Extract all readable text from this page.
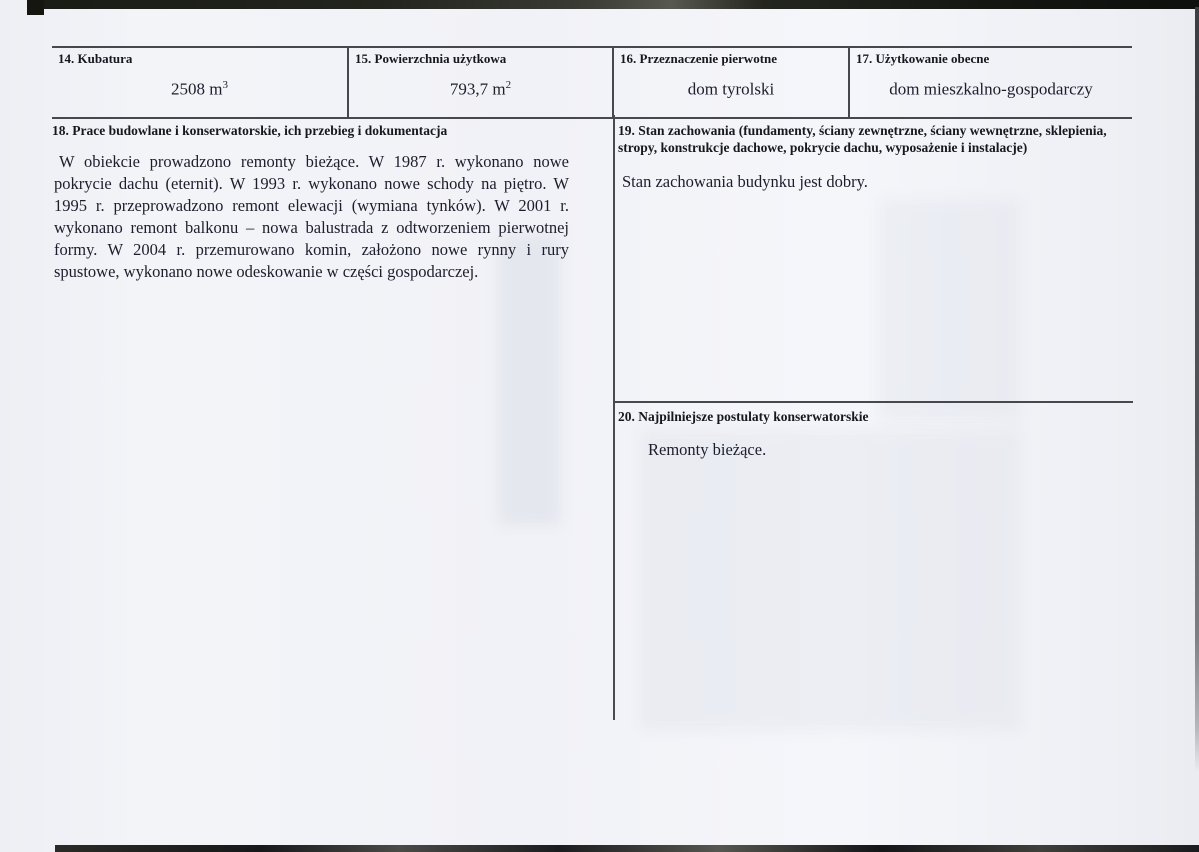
14. Kubatura
2508 $m^3$
15. Powierzchnia użytkowa
793,7 $m^2$
16. Przeznaczenie pierwotne
dom tyrolski
17. Użytkowanie obecne
dom mieszkalno-gospodarczy
18. Prace budowlane i konserwatorskie, ich przebieg i dokumentacja

W obiekcie prowadzono remonty bieżące. W 1987 r. wykonano nowe pokrycie dachu (eternit). W 1993 r. wykonano nowe schody na piętro. W 1995 r. przeprowadzono remont elewacji (wymiana tynków). W 2001 r. wykonano remont balkonu – nowa balustrada z odtworzeniem pierwotnej formy. W 2004 r. przemurowano komin, założono nowe rynny i rury spustowe, wykonano nowe odeskowanie w części gospodarczej.

19. Stan zachowania (fundamenty, ściany zewnętrzne, ściany wewnętrzne, sklepienia, stropy, konstrukcje dachowe, pokrycie dachu, wyposażenie i instalacje)

Stan zachowania budynku jest dobry.

20. Najpilniejsze postulaty konserwatorskie

Remonty bieżące.
